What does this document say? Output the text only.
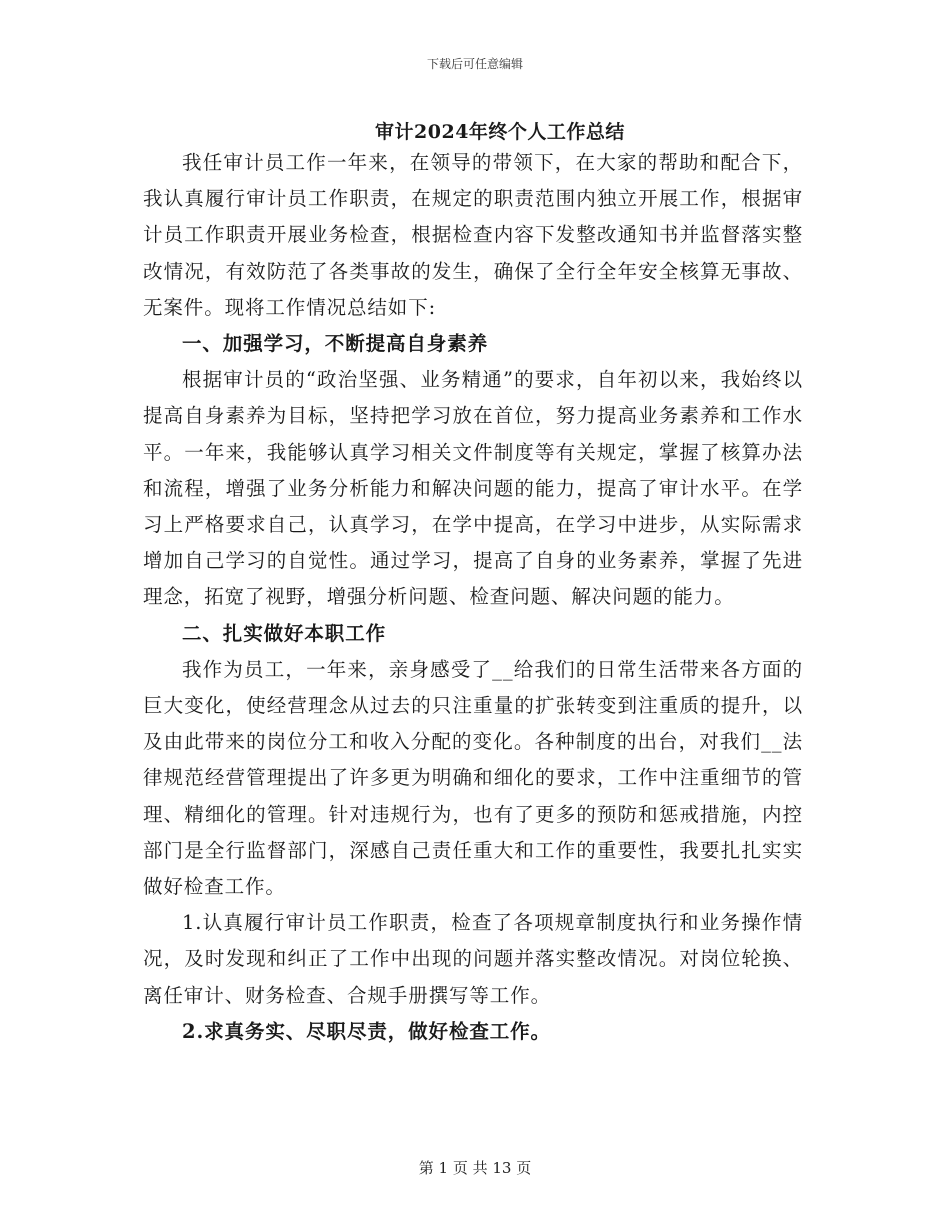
下载后可任意编辑
审计2024年终个人工作总结

我任审计员工作一年来，在领导的带领下，在大家的帮助和配合下，我认真履行审计员工作职责，在规定的职责范围内独立开展工作，根据审计员工作职责开展业务检查，根据检查内容下发整改通知书并监督落实整改情况，有效防范了各类事故的发生，确保了全行全年安全核算无事故、无案件。现将工作情况总结如下:

一、加强学习，不断提高自身素养

根据审计员的“政治坚强、业务精通”的要求，自年初以来，我始终以提高自身素养为目标，坚持把学习放在首位，努力提高业务素养和工作水平。一年来，我能够认真学习相关文件制度等有关规定，掌握了核算办法和流程，增强了业务分析能力和解决问题的能力，提高了审计水平。在学习上严格要求自己，认真学习，在学中提高，在学习中进步，从实际需求增加自己学习的自觉性。通过学习，提高了自身的业务素养，掌握了先进理念，拓宽了视野，增强分析问题、检查问题、解决问题的能力。

二、扎实做好本职工作

我作为员工，一年来，亲身感受了__给我们的日常生活带来各方面的巨大变化，使经营理念从过去的只注重量的扩张转变到注重质的提升，以及由此带来的岗位分工和收入分配的变化。各种制度的出台，对我们__法律规范经营管理提出了许多更为明确和细化的要求，工作中注重细节的管理、精细化的管理。针对违规行为，也有了更多的预防和惩戒措施，内控部门是全行监督部门，深感自己责任重大和工作的重要性，我要扎扎实实做好检查工作。

1.认真履行审计员工作职责，检查了各项规章制度执行和业务操作情况，及时发现和纠正了工作中出现的问题并落实整改情况。对岗位轮换、离任审计、财务检查、合规手册撰写等工作。

2.求真务实、尽职尽责，做好检查工作。

第 1 页 共 13 页
